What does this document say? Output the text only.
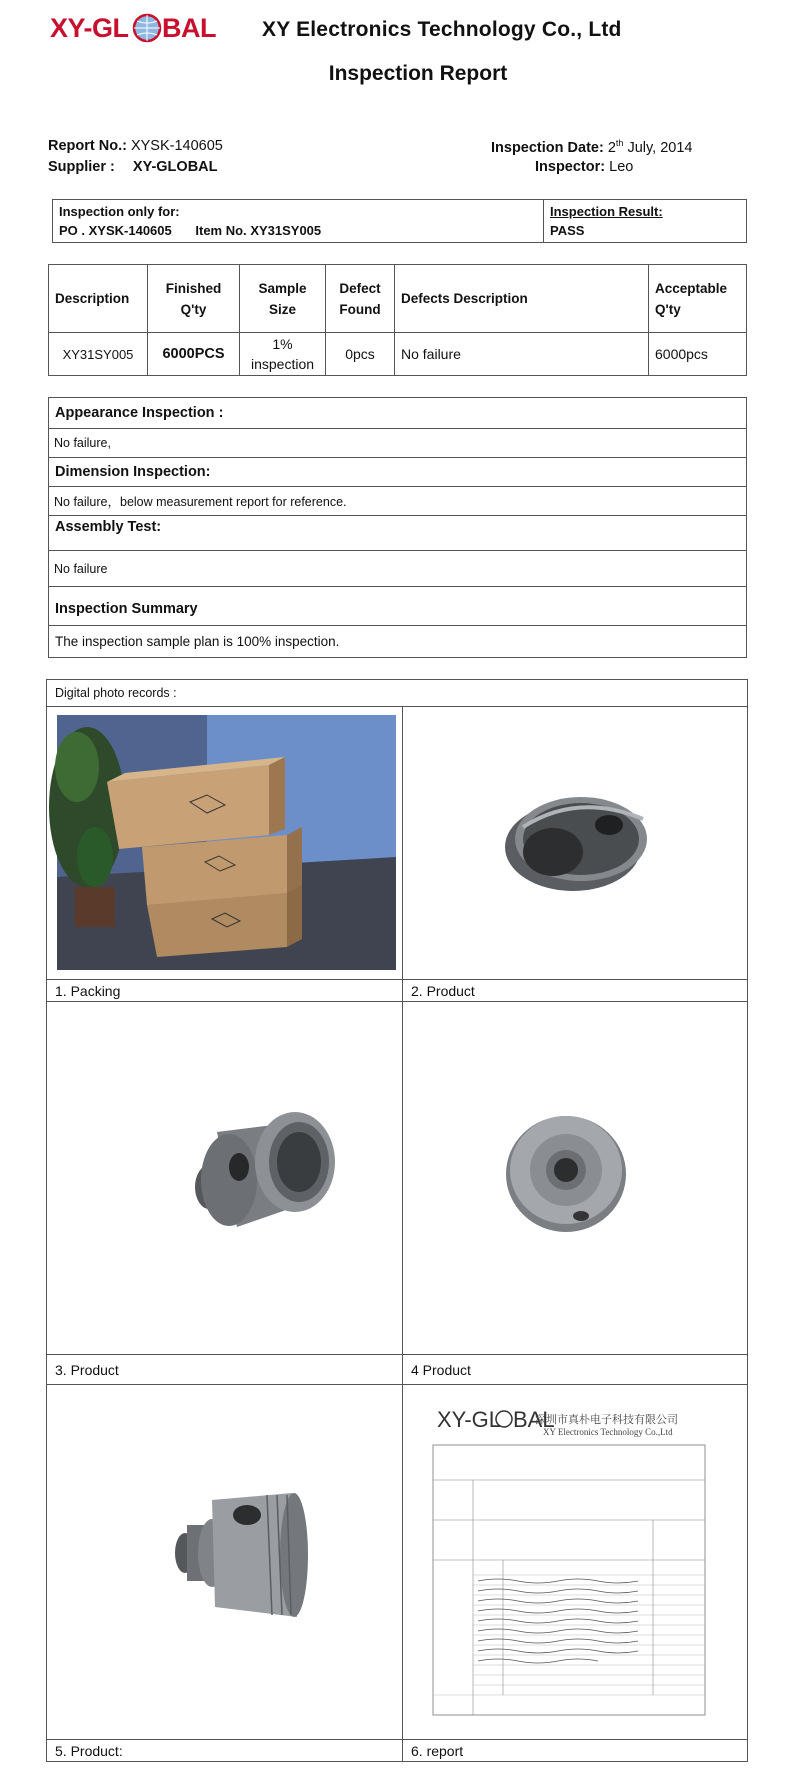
XY-GL BAL XY Electronics Technology Co., Ltd
Inspection Report
Report No.: XYSK-140605
Supplier : XY-GLOBAL
Inspection Date: 2th July, 2014
Inspector: Leo
Inspection only for:
PO . XYSK-140605 Item No. XY31SY005

Inspection Result:
PASS
Description	Finished Q'ty	Sample Size	Defect Found	Defects Description	Acceptable Q'ty
XY31SY005	6000PCS	1% inspection	0pcs	No failure	6000pcs
Appearance Inspection :
No failure,
Dimension Inspection:
No failure，below measurement report for reference.
Assembly Test:
No failure
Inspection Summary
The inspection sample plan is 100% inspection.
Digital photo records :	

1. Packing	2. Product

3. Product	4 Product

XY-GL BAL
深圳市真朴电子科技有限公司
XY Electronics Technology Co.,Ltd

5. Product:	6. report
